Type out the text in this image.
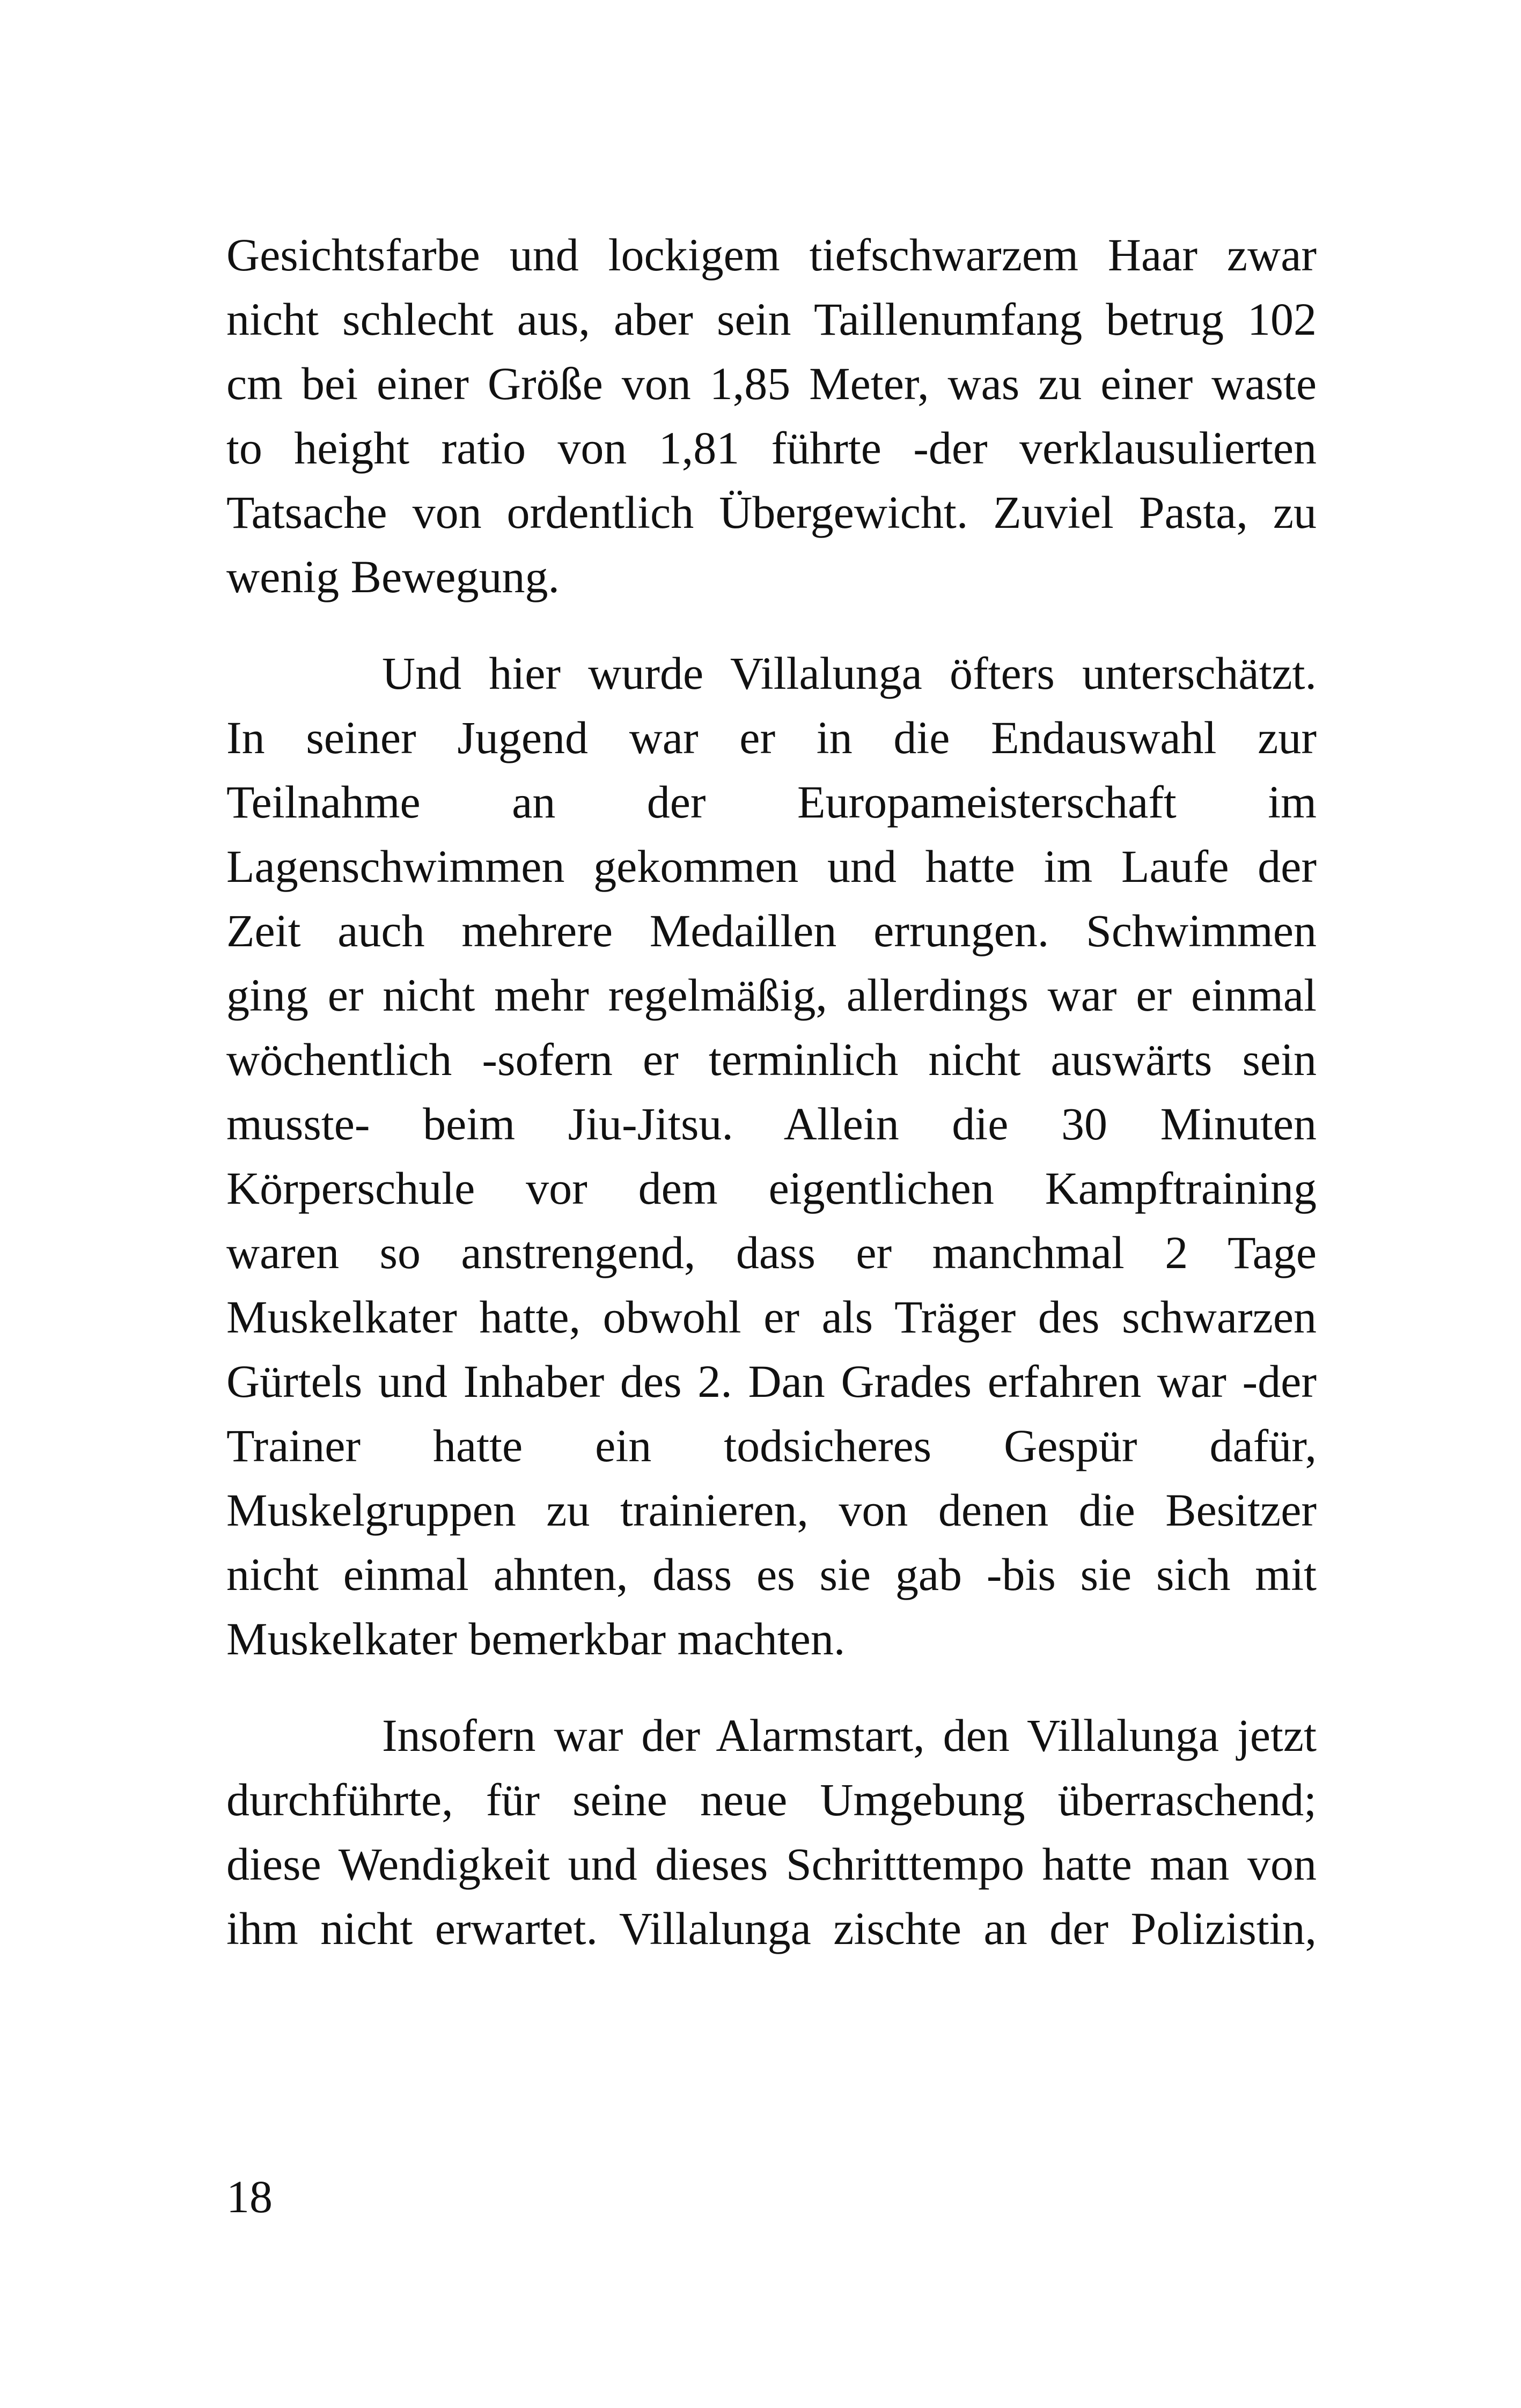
Gesichtsfarbe und lockigem tiefschwarzem Haar zwar
nicht schlecht aus, aber sein Taillenumfang betrug 102
cm bei einer Größe von 1,85 Meter, was zu einer waste
to height ratio von 1,81 führte -der verklausulierten
Tatsache von ordentlich Übergewicht. Zuviel Pasta, zu
wenig Bewegung.
Und hier wurde Villalunga öfters unterschätzt.
In seiner Jugend war er in die Endauswahl zur
Teilnahme an der Europameisterschaft im
Lagenschwimmen gekommen und hatte im Laufe der
Zeit auch mehrere Medaillen errungen. Schwimmen
ging er nicht mehr regelmäßig, allerdings war er einmal
wöchentlich -sofern er terminlich nicht auswärts sein
musste- beim Jiu-Jitsu. Allein die 30 Minuten
Körperschule vor dem eigentlichen Kampftraining
waren so anstrengend, dass er manchmal 2 Tage
Muskelkater hatte, obwohl er als Träger des schwarzen
Gürtels und Inhaber des 2. Dan Grades erfahren war -der
Trainer hatte ein todsicheres Gespür dafür,
Muskelgruppen zu trainieren, von denen die Besitzer
nicht einmal ahnten, dass es sie gab -bis sie sich mit
Muskelkater bemerkbar machten.
Insofern war der Alarmstart, den Villalunga jetzt
durchführte, für seine neue Umgebung überraschend;
diese Wendigkeit und dieses Schritttempo hatte man von
ihm nicht erwartet. Villalunga zischte an der Polizistin,
18
